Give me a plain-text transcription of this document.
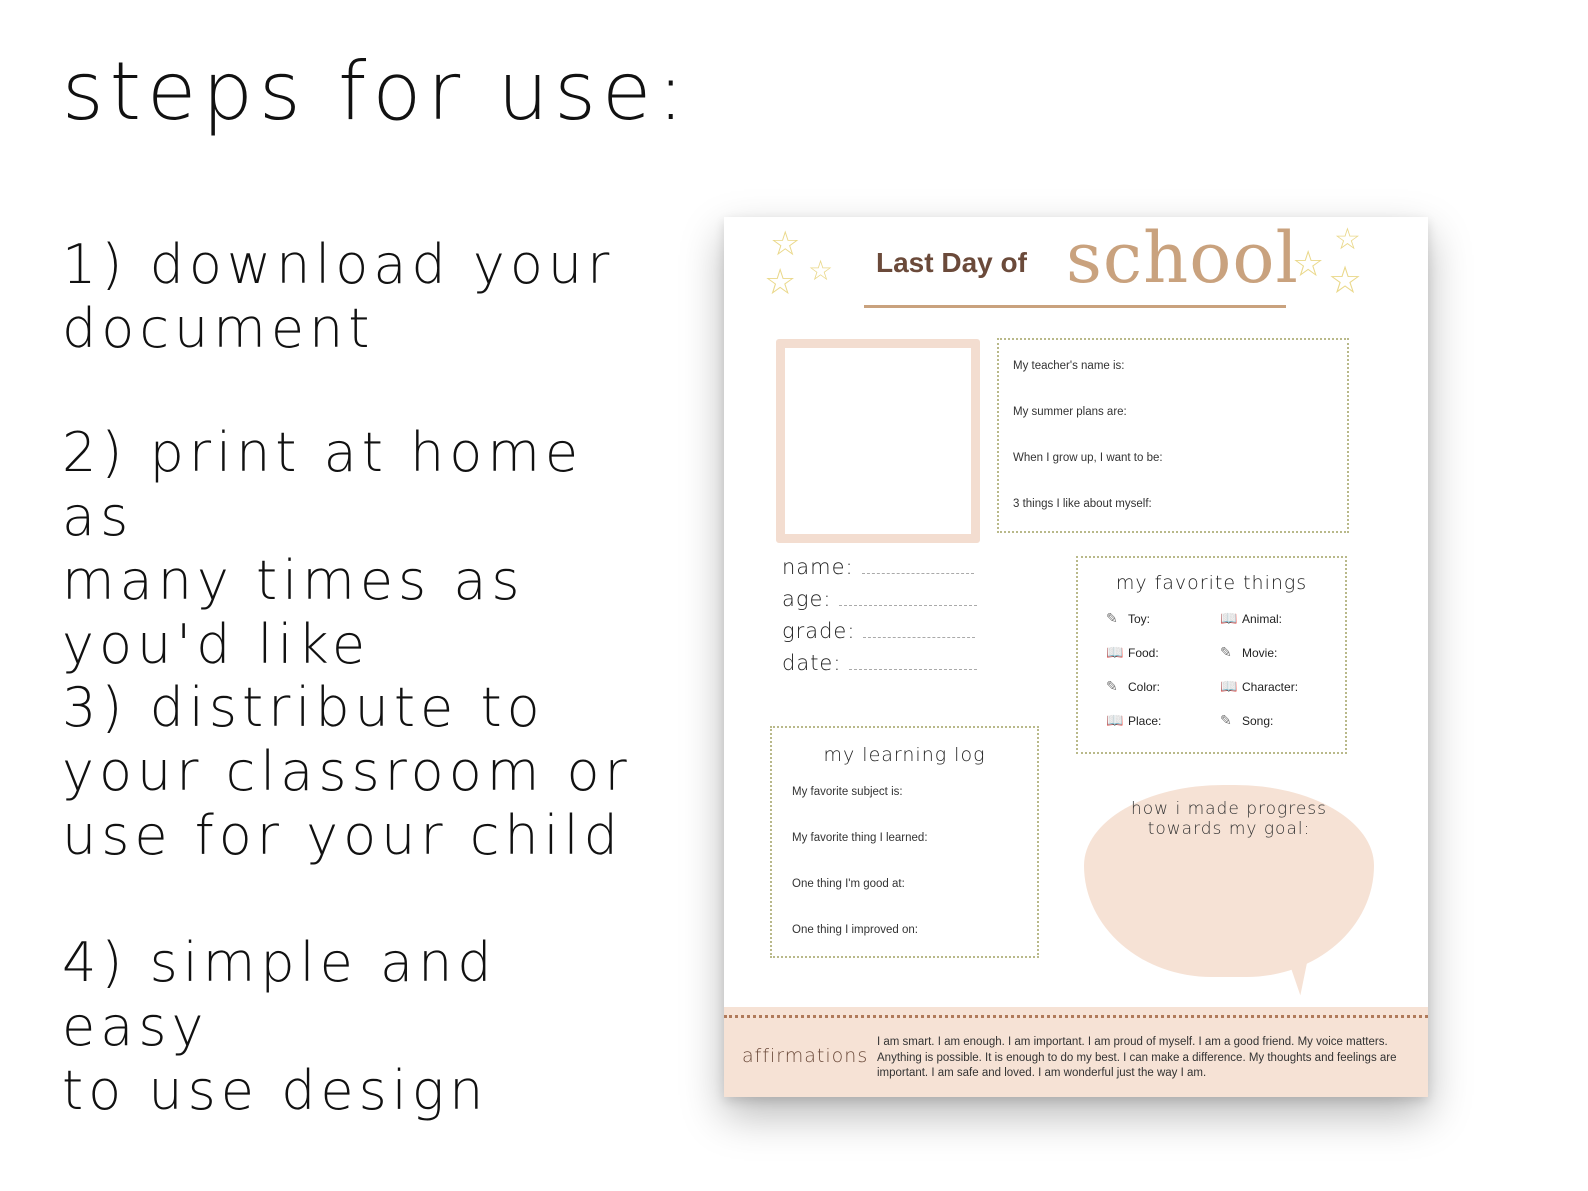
steps for use:
1) download your
document
2) print at home as
many times as
you'd like
3) distribute to
your classroom or
use for your child
4) simple and easy
to use design
☆
☆ ☆	☆
☆
☆
Last Day of school
My teacher's name is:
My summer plans are:
When I grow up, I want to be:
3 things I like about myself:
name:
age:
grade:
date:
my favorite things
✎ Toy:	📖 Animal:
📖 Food:	✎ Movie:
✎ Color:	📖 Character:
📖 Place:	✎ Song:
my learning log
My favorite subject is:
My favorite thing I learned:
One thing I'm good at:
One thing I improved on:
how i made progress
towards my goal:
affirmations
I am smart. I am enough. I am important. I am proud of myself. I am a good friend. My voice matters. Anything is possible. It is enough to do my best. I can make a difference. My thoughts and feelings are important. I am safe and loved. I am wonderful just the way I am.
